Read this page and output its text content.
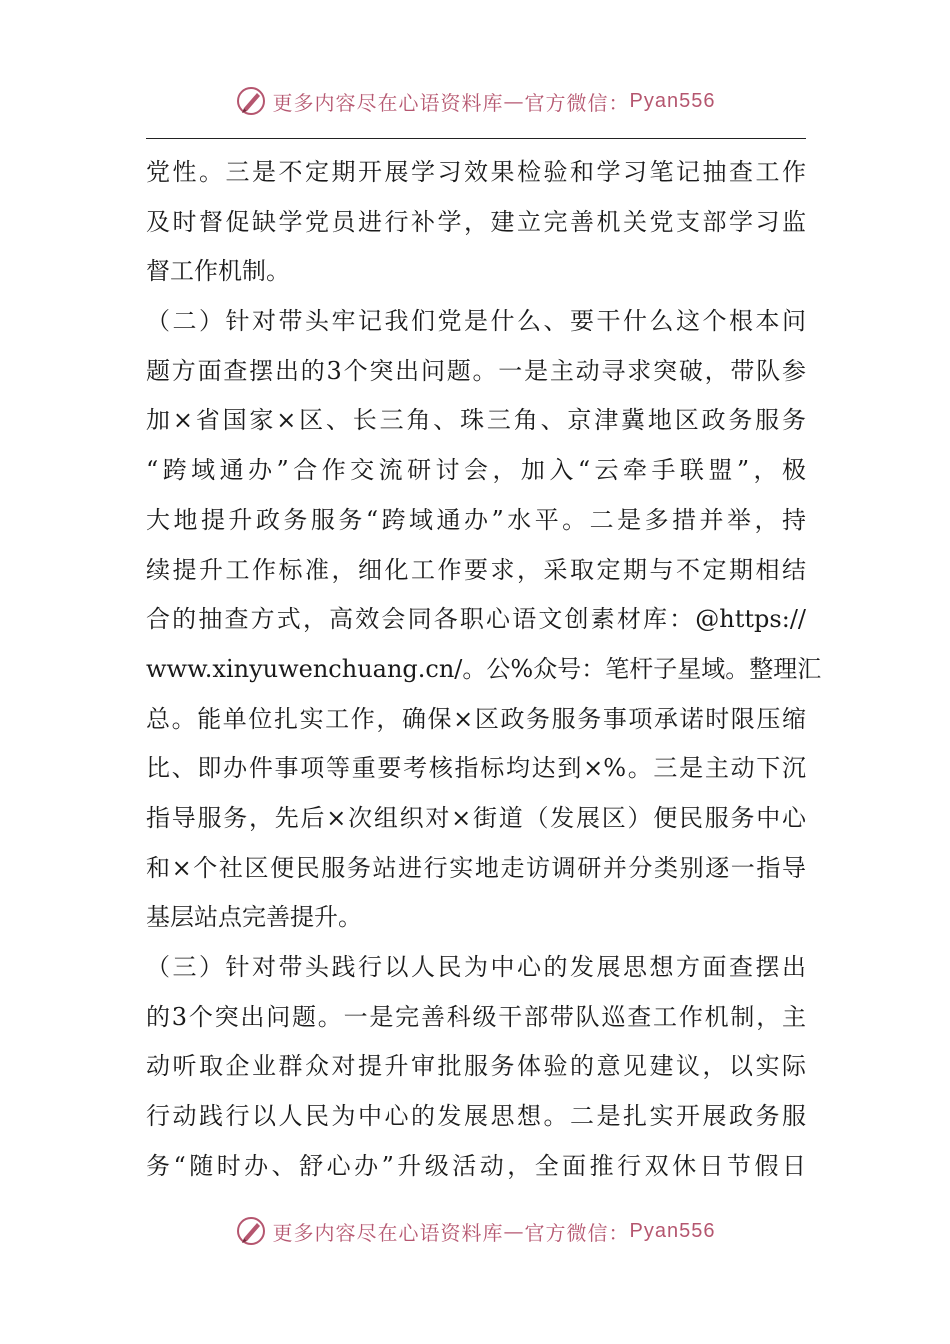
更多内容尽在心语资料库 — 官方微信： Pyan556
党性。三是不定期开展学习效果检验和学习笔记抽查工作
及时督促缺学党员进行补学，建立完善机关党支部学习监
督工作机制。
（二）针对带头牢记我们党是什么、要干什么这个根本问
题方面查摆出的3个突出问题。一是主动寻求突破，带队参
加×省国家×区、长三角、珠三角、京津冀地区政务服务
“跨域通办”合作交流研讨会，加入“云牵手联盟”，极
大地提升政务服务“跨域通办”水平。二是多措并举，持
续提升工作标准，细化工作要求，采取定期与不定期相结
合的抽查方式，高效会同各职心语文创素材库：@https://
www.xinyuwenchuang.cn/。公%众号：笔杆子星域。整理汇
总。能单位扎实工作，确保×区政务服务事项承诺时限压缩
比、即办件事项等重要考核指标均达到×%。三是主动下沉
指导服务，先后×次组织对×街道（发展区）便民服务中心
和×个社区便民服务站进行实地走访调研并分类别逐一指导
基层站点完善提升。
（三）针对带头践行以人民为中心的发展思想方面查摆出
的3个突出问题。一是完善科级干部带队巡查工作机制，主
动听取企业群众对提升审批服务体验的意见建议，以实际
行动践行以人民为中心的发展思想。二是扎实开展政务服
务“随时办、舒心办”升级活动，全面推行双休日节假日
更多内容尽在心语资料库 — 官方微信： Pyan556
